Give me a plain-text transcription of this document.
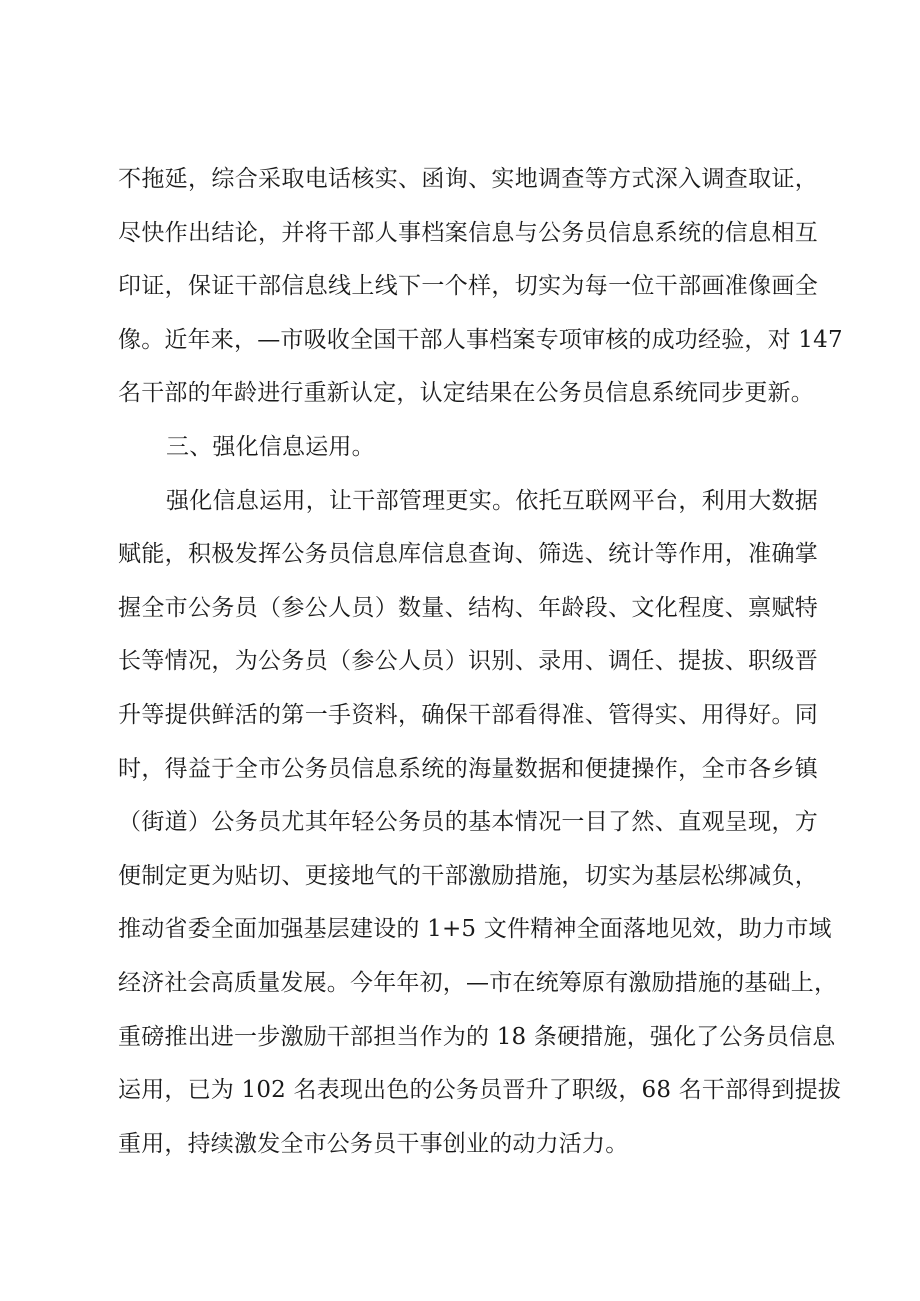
不拖延，综合采取电话核实、函询、实地调查等方式深入调查取证，
尽快作出结论，并将干部人事档案信息与公务员信息系统的信息相互
印证，保证干部信息线上线下一个样，切实为每一位干部画准像画全
像。近年来，—市吸收全国干部人事档案专项审核的成功经验，对 147
名干部的年龄进行重新认定，认定结果在公务员信息系统同步更新。
三、强化信息运用。
强化信息运用，让干部管理更实。依托互联网平台，利用大数据
赋能，积极发挥公务员信息库信息查询、筛选、统计等作用，准确掌
握全市公务员（参公人员）数量、结构、年龄段、文化程度、禀赋特
长等情况，为公务员（参公人员）识别、录用、调任、提拔、职级晋
升等提供鲜活的第一手资料，确保干部看得准、管得实、用得好。同
时，得益于全市公务员信息系统的海量数据和便捷操作，全市各乡镇
（街道）公务员尤其年轻公务员的基本情况一目了然、直观呈现，方
便制定更为贴切、更接地气的干部激励措施，切实为基层松绑减负，
推动省委全面加强基层建设的 1+5 文件精神全面落地见效，助力市域
经济社会高质量发展。今年年初，—市在统筹原有激励措施的基础上，
重磅推出进一步激励干部担当作为的 18 条硬措施，强化了公务员信息
运用，已为 102 名表现出色的公务员晋升了职级，68 名干部得到提拔
重用，持续激发全市公务员干事创业的动力活力。
